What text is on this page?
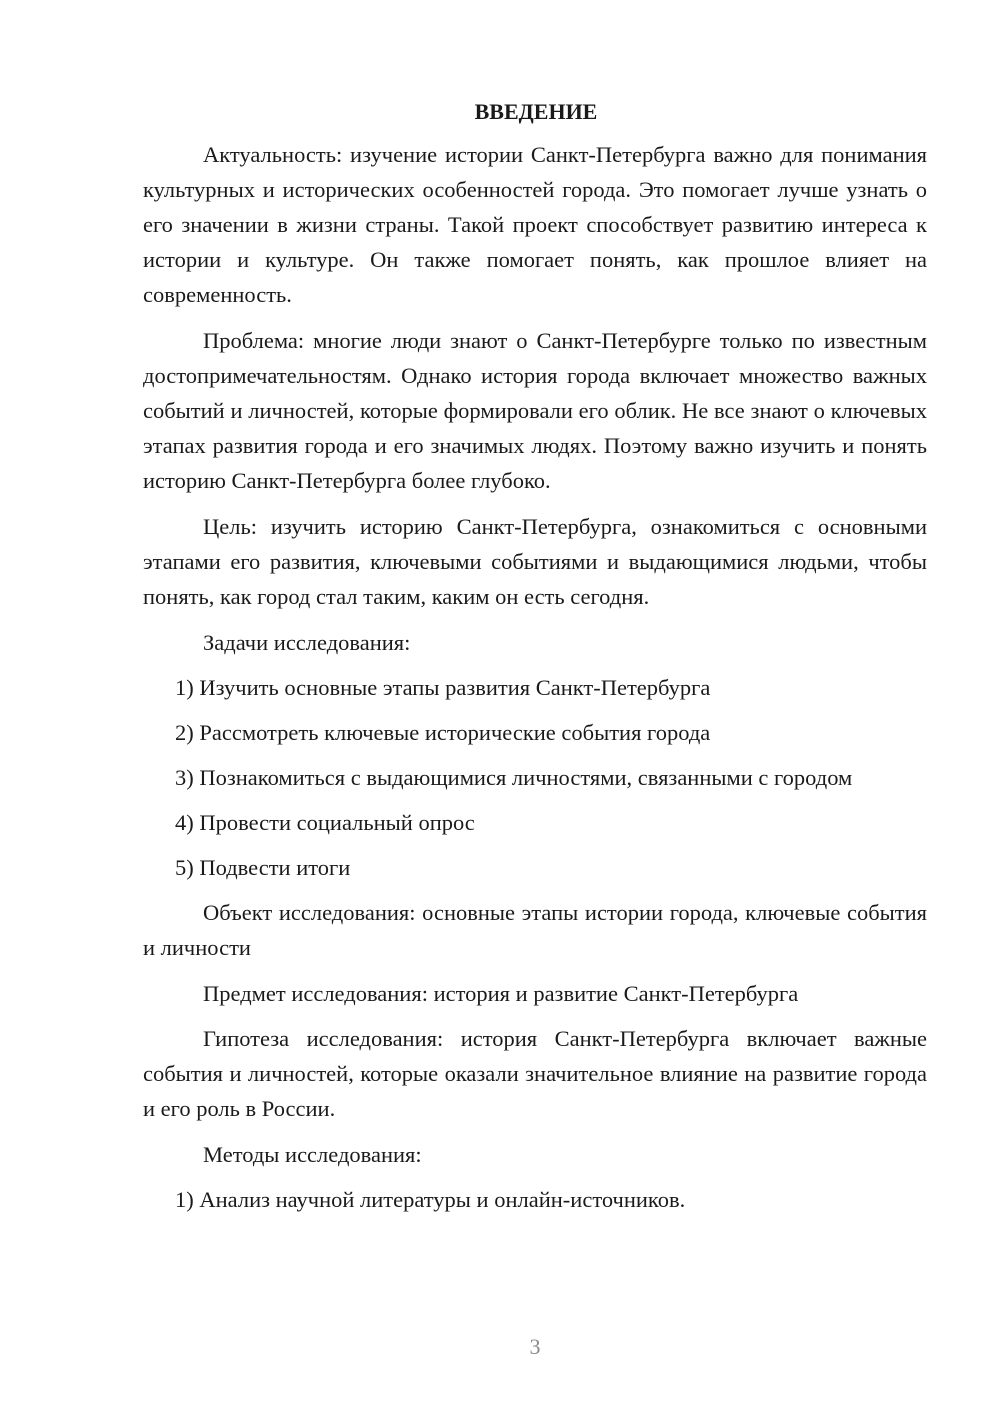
ВВЕДЕНИЕ

Актуальность: изучение истории Санкт-Петербурга важно для понимания культурных и исторических особенностей города. Это помогает лучше узнать о его значении в жизни страны. Такой проект способствует развитию интереса к истории и культуре. Он также помогает понять, как прошлое влияет на современность.

Проблема: многие люди знают о Санкт-Петербурге только по известным достопримечательностям. Однако история города включает множество важных событий и личностей, которые формировали его облик. Не все знают о ключевых этапах развития города и его значимых людях. Поэтому важно изучить и понять историю Санкт-Петербурга более глубоко.

Цель: изучить историю Санкт-Петербурга, ознакомиться с основными этапами его развития, ключевыми событиями и выдающимися людьми, чтобы понять, как город стал таким, каким он есть сегодня.

Задачи исследования:

1) Изучить основные этапы развития Санкт-Петербурга

2) Рассмотреть ключевые исторические события города

3) Познакомиться с выдающимися личностями, связанными с городом

4) Провести социальный опрос

5) Подвести итоги

Объект исследования: основные этапы истории города, ключевые события и личности

Предмет исследования: история и развитие Санкт-Петербурга

Гипотеза исследования: история Санкт-Петербурга включает важные события и личностей, которые оказали значительное влияние на развитие города и его роль в России.

Методы исследования:

1) Анализ научной литературы и онлайн-источников.

3
